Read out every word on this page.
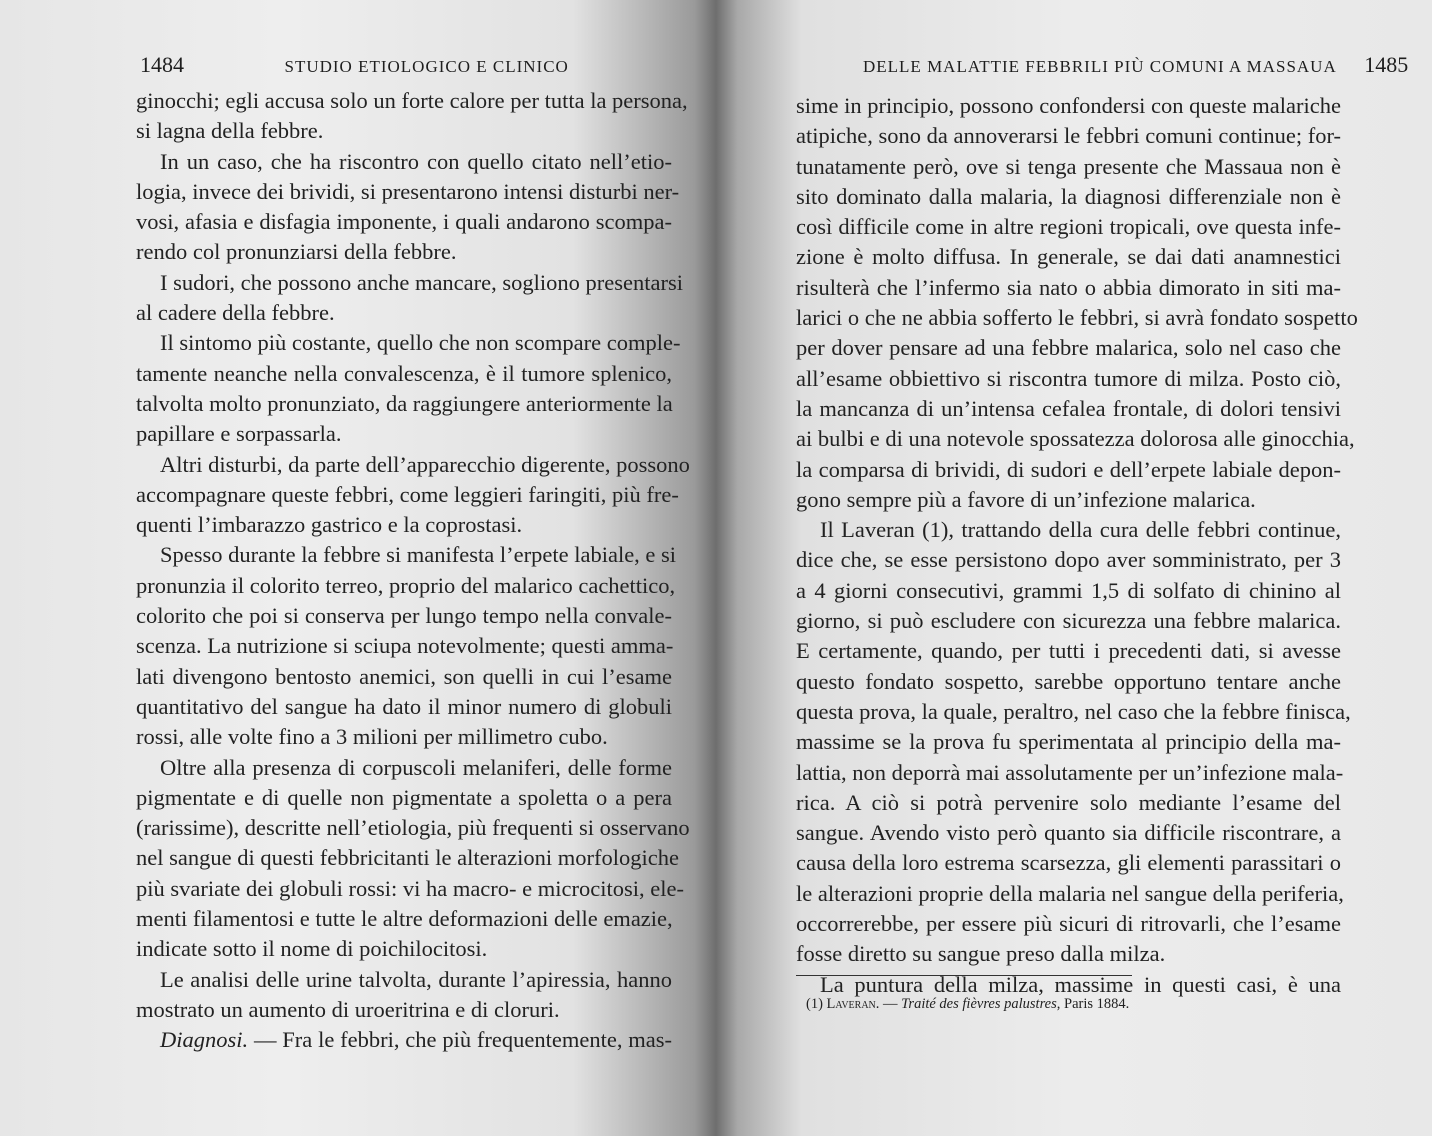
1484	STUDIO ETIOLOGICO E CLINICO
ginocchi; egli accusa solo un forte calore per tutta la persona,
si lagna della febbre.
In un caso, che ha riscontro con quello citato nell’etio-
logia, invece dei brividi, si presentarono intensi disturbi ner-
vosi, afasia e disfagia imponente, i quali andarono scompa-
rendo col pronunziarsi della febbre.
I sudori, che possono anche mancare, sogliono presentarsi
al cadere della febbre.
Il sintomo più costante, quello che non scompare comple-
tamente neanche nella convalescenza, è il tumore splenico,
talvolta molto pronunziato, da raggiungere anteriormente la
papillare e sorpassarla.
Altri disturbi, da parte dell’apparecchio digerente, possono
accompagnare queste febbri, come leggieri faringiti, più fre-
quenti l’imbarazzo gastrico e la coprostasi.
Spesso durante la febbre si manifesta l’erpete labiale, e si
pronunzia il colorito terreo, proprio del malarico cachettico,
colorito che poi si conserva per lungo tempo nella convale-
scenza. La nutrizione si sciupa notevolmente; questi amma-
lati divengono bentosto anemici, son quelli in cui l’esame
quantitativo del sangue ha dato il minor numero di globuli
rossi, alle volte fino a 3 milioni per millimetro cubo.
Oltre alla presenza di corpuscoli melaniferi, delle forme
pigmentate e di quelle non pigmentate a spoletta o a pera
(rarissime), descritte nell’etiologia, più frequenti si osservano
nel sangue di questi febbricitanti le alterazioni morfologiche
più svariate dei globuli rossi: vi ha macro- e microcitosi, ele-
menti filamentosi e tutte le altre deformazioni delle emazie,
indicate sotto il nome di poichilocitosi.
Le analisi delle urine talvolta, durante l’apiressia, hanno
mostrato un aumento di uroeritrina e di cloruri.
Diagnosi. — Fra le febbri, che più frequentemente, mas-
DELLE MALATTIE FEBBRILI PIÙ COMUNI A MASSAUA 1485
sime in principio, possono confondersi con queste malariche
atipiche, sono da annoverarsi le febbri comuni continue; for-
tunatamente però, ove si tenga presente che Massaua non è
sito dominato dalla malaria, la diagnosi differenziale non è
così difficile come in altre regioni tropicali, ove questa infe-
zione è molto diffusa. In generale, se dai dati anamnestici
risulterà che l’infermo sia nato o abbia dimorato in siti ma-
larici o che ne abbia sofferto le febbri, si avrà fondato sospetto
per dover pensare ad una febbre malarica, solo nel caso che
all’esame obbiettivo si riscontra tumore di milza. Posto ciò,
la mancanza di un’intensa cefalea frontale, di dolori tensivi
ai bulbi e di una notevole spossatezza dolorosa alle ginocchia,
la comparsa di brividi, di sudori e dell’erpete labiale depon-
gono sempre più a favore di un’infezione malarica.
Il Laveran (1), trattando della cura delle febbri continue,
dice che, se esse persistono dopo aver somministrato, per 3
a 4 giorni consecutivi, grammi 1,5 di solfato di chinino al
giorno, si può escludere con sicurezza una febbre malarica.
E certamente, quando, per tutti i precedenti dati, si avesse
questo fondato sospetto, sarebbe opportuno tentare anche
questa prova, la quale, peraltro, nel caso che la febbre finisca,
massime se la prova fu sperimentata al principio della ma-
lattia, non deporrà mai assolutamente per un’infezione mala-
rica. A ciò si potrà pervenire solo mediante l’esame del
sangue. Avendo visto però quanto sia difficile riscontrare, a
causa della loro estrema scarsezza, gli elementi parassitari o
le alterazioni proprie della malaria nel sangue della periferia,
occorrerebbe, per essere più sicuri di ritrovarli, che l’esame
fosse diretto su sangue preso dalla milza.
La puntura della milza, massime in questi casi, è una
(1) Laveran. — Traité des fièvres palustres, Paris 1884.
